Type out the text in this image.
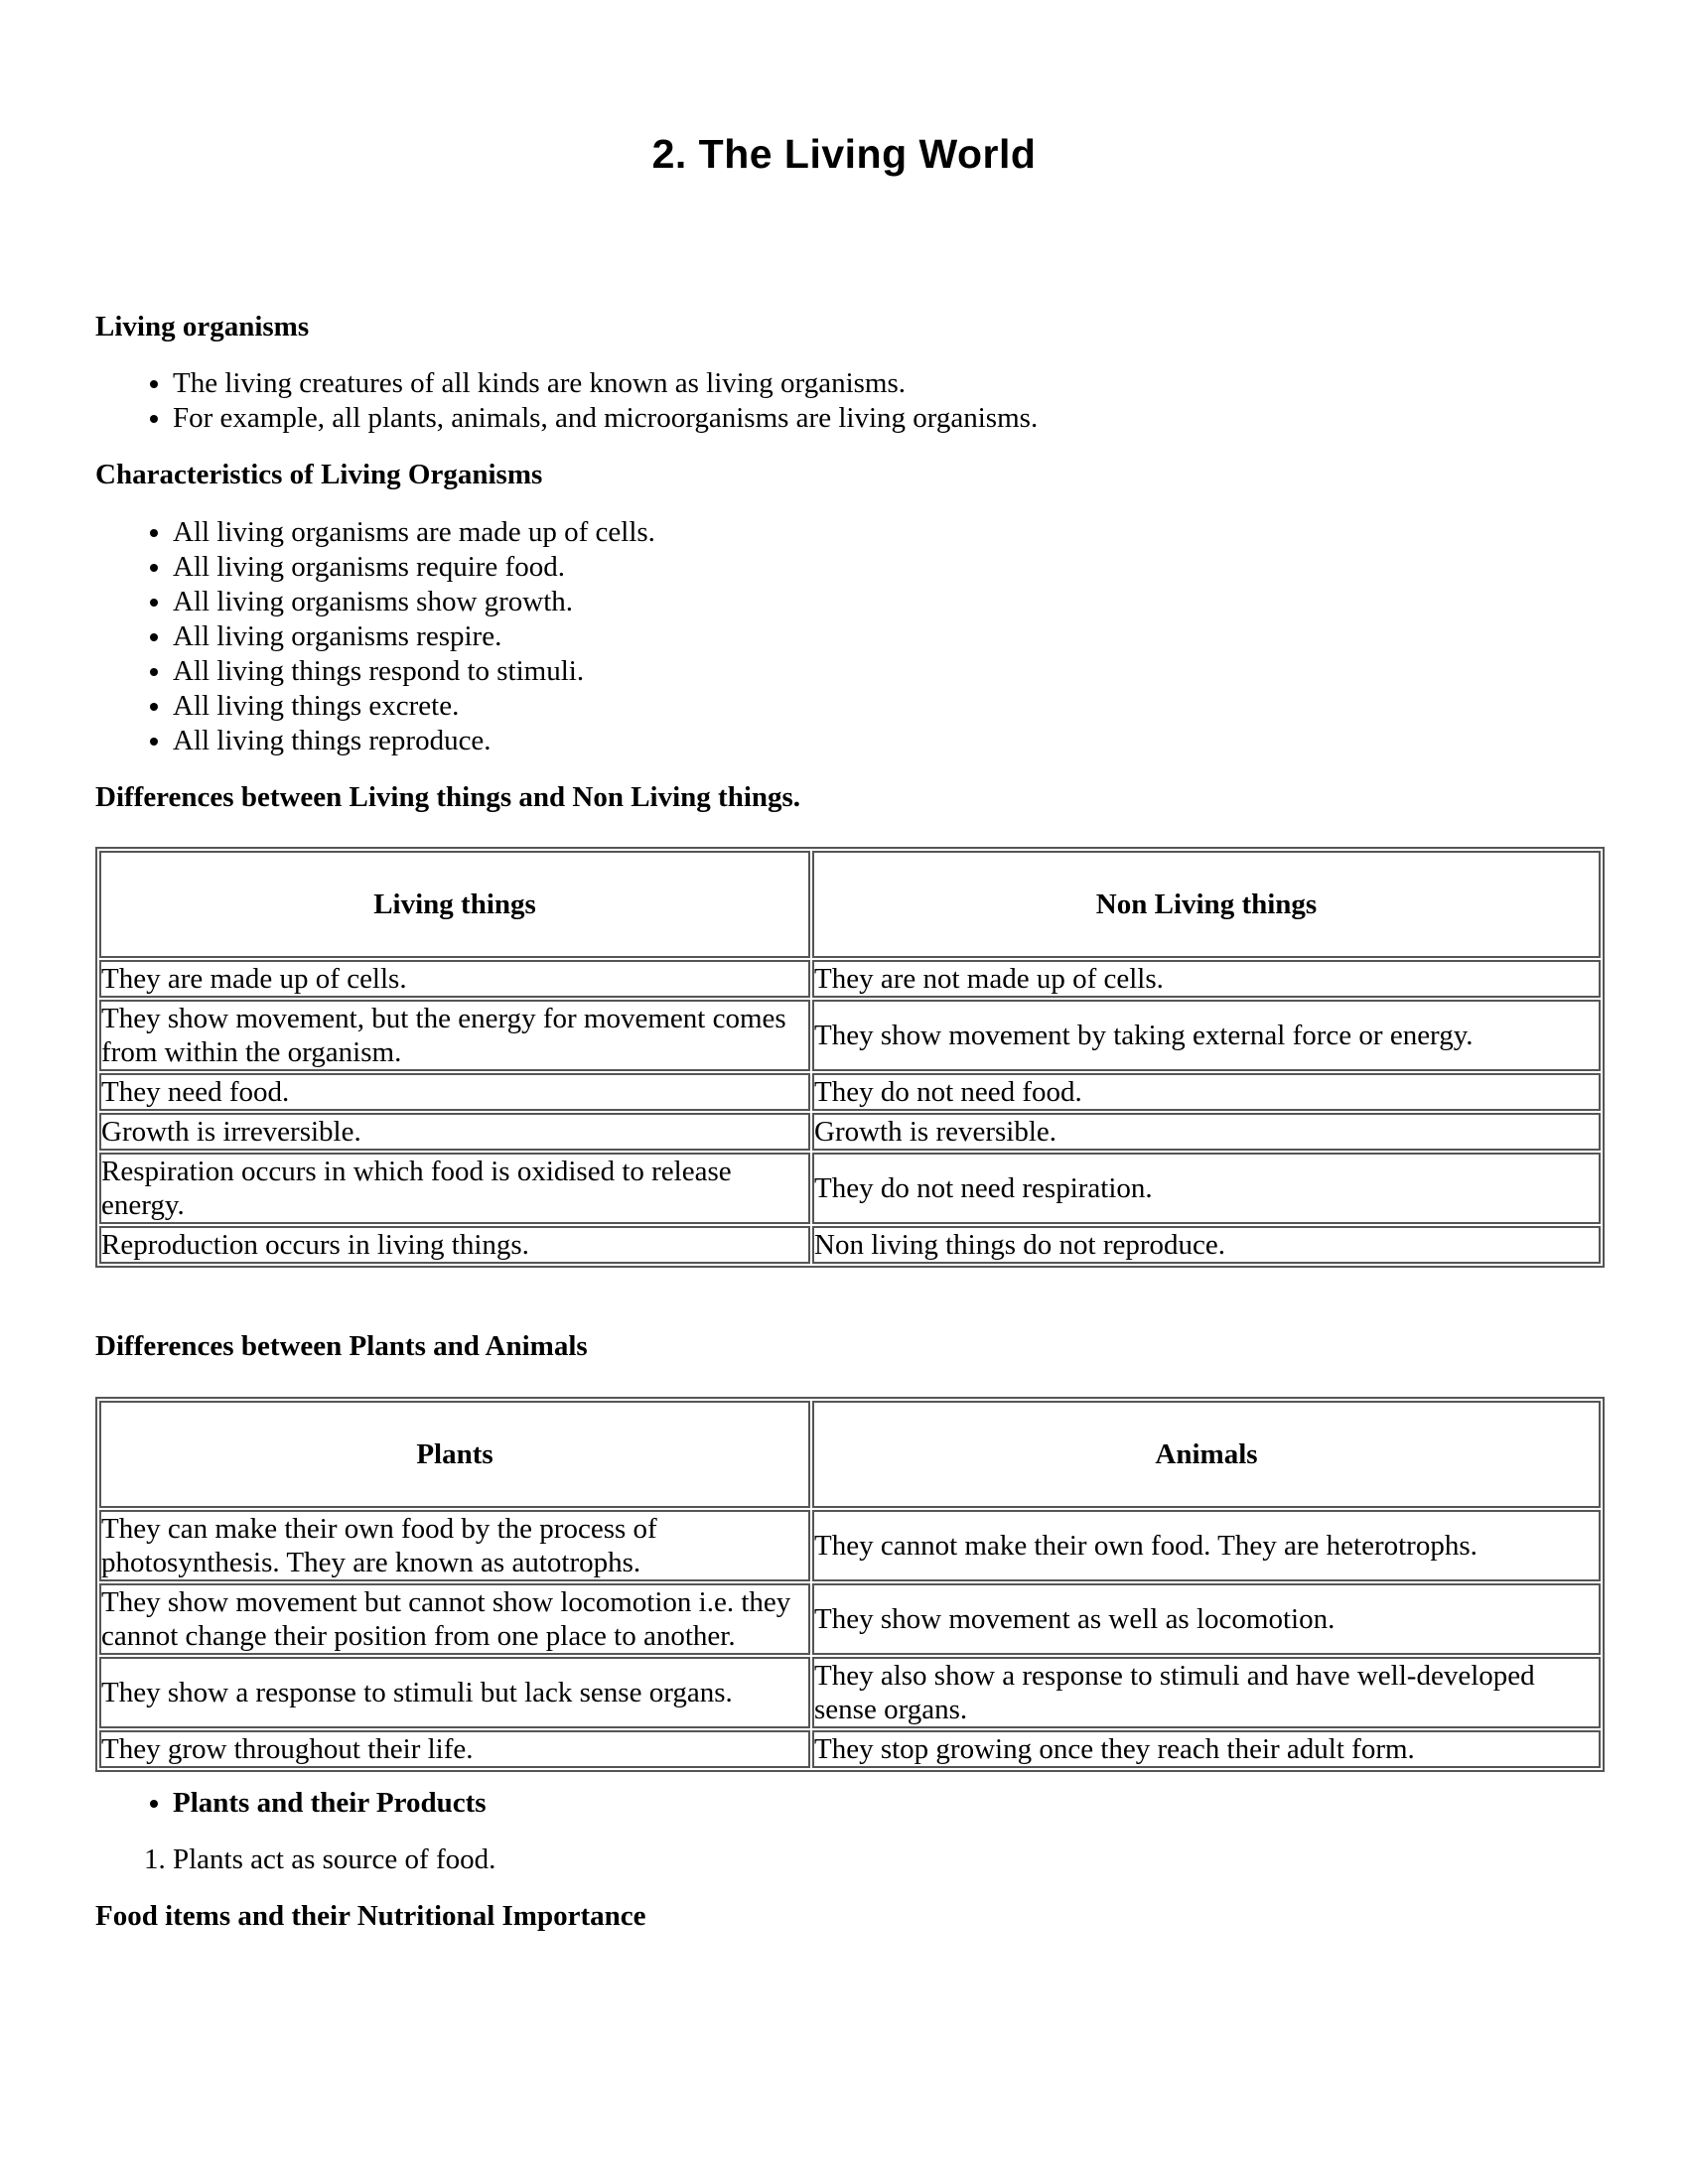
2. The Living World
Living organisms
• The living creatures of all kinds are known as living organisms.
• For example, all plants, animals, and microorganisms are living organisms.
Characteristics of Living Organisms
• All living organisms are made up of cells.
• All living organisms require food.
• All living organisms show growth.
• All living organisms respire.
• All living things respond to stimuli.
• All living things excrete.
• All living things reproduce.
Differences between Living things and Non Living things.
Living things	Non Living things
They are made up of cells.	They are not made up of cells.
They show movement, but the energy for movement comes from within the organism.	They show movement by taking external force or energy.
They need food.	They do not need food.
Growth is irreversible.	Growth is reversible.
Respiration occurs in which food is oxidised to release energy.	They do not need respiration.
Reproduction occurs in living things.	Non living things do not reproduce.
Differences between Plants and Animals
Plants	Animals
They can make their own food by the process of photosynthesis. They are known as autotrophs.	They cannot make their own food. They are heterotrophs.
They show movement but cannot show locomotion i.e. they cannot change their position from one place to another.	They show movement as well as locomotion.
They show a response to stimuli but lack sense organs.	They also show a response to stimuli and have well-developed sense organs.
They grow throughout their life.	They stop growing once they reach their adult form.
• Plants and their Products
1. Plants act as source of food.
Food items and their Nutritional Importance
